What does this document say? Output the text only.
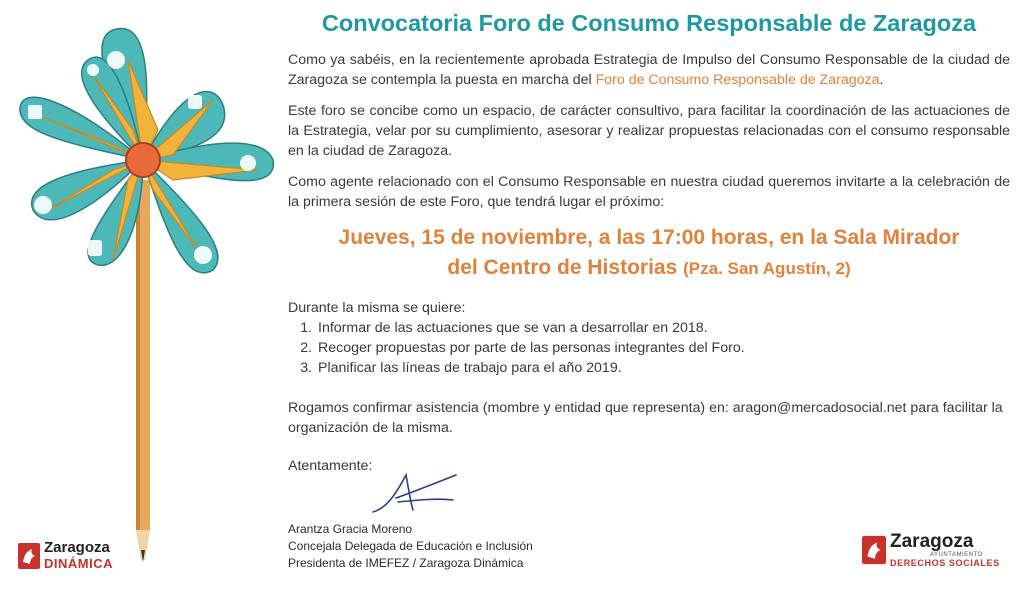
Convocatoria Foro de Consumo Responsable de Zaragoza

Como ya sabéis, en la recientemente aprobada Estrategia de Impulso del Consumo Responsable de la ciudad de Zaragoza se contempla la puesta en marcha del Foro de Consumo Responsable de Zaragoza.

Este foro se concibe como un espacio, de carácter consultivo, para facilitar la coordinación de las actuaciones de la Estrategia, velar por su cumplimiento, asesorar y realizar propuestas relacionadas con el consumo responsable en la ciudad de Zaragoza.

Como agente relacionado con el Consumo Responsable en nuestra ciudad queremos invitarte a la celebración de la primera sesión de este Foro, que tendrá lugar el próximo:

Jueves, 15 de noviembre, a las 17:00 horas, en la Sala Mirador
del Centro de Historias (Pza. San Agustín, 2)

Durante la misma se quiere:

1. Informar de las actuaciones que se van a desarrollar en 2018.
2. Recoger propuestas por parte de las personas integrantes del Foro.
3. Planificar las líneas de trabajo para el año 2019.

Rogamos confirmar asistencia (mombre y entidad que representa) en: aragon@mercadosocial.net para facilitar la organización de la misma.

Atentamente:

Arantza Gracia Moreno
Concejala Delegada de Educación e Inclusión
Presidenta de IMEFEZ / Zaragoza Dinámica
Zaragoza
DINÁMICA
Zaragoza
AYUNTAMIENTO
DERECHOS SOCIALES
